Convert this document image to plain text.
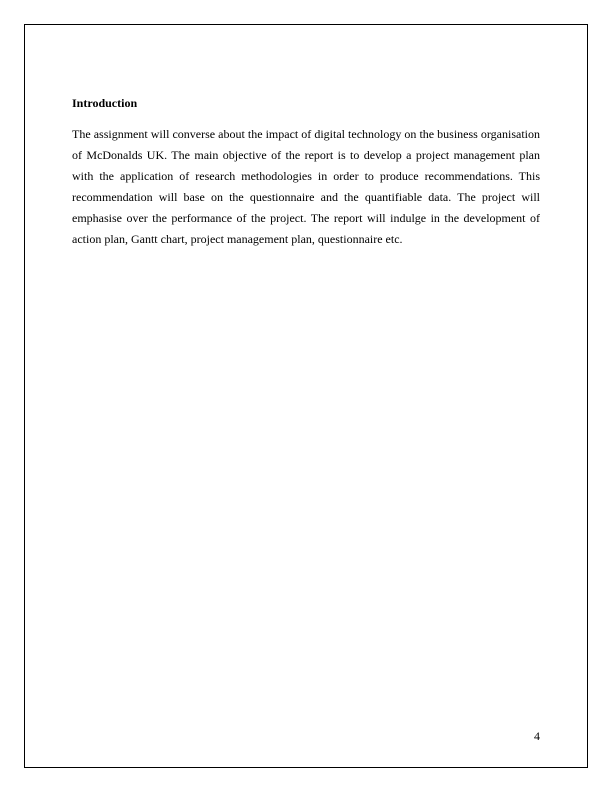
Introduction

The assignment will converse about the impact of digital technology on the business organisation of McDonalds UK. The main objective of the report is to develop a project management plan with the application of research methodologies in order to produce recommendations. This recommendation will base on the questionnaire and the quantifiable data. The project will emphasise over the performance of the project. The report will indulge in the development of action plan, Gantt chart, project management plan, questionnaire etc.

4
